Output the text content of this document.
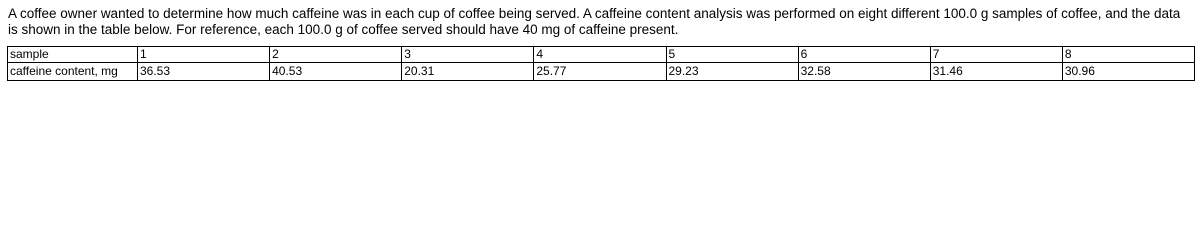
A coffee owner wanted to determine how much caffeine was in each cup of coffee being served. A caffeine content analysis was performed on eight different 100.0 g samples of coffee, and the data is shown in the table below. For reference, each 100.0 g of coffee served should have 40 mg of caffeine present.

sample	1	2	3	4	5	6	7	8
caffeine content, mg	36.53	40.53	20.31	25.77	29.23	32.58	31.46	30.96
